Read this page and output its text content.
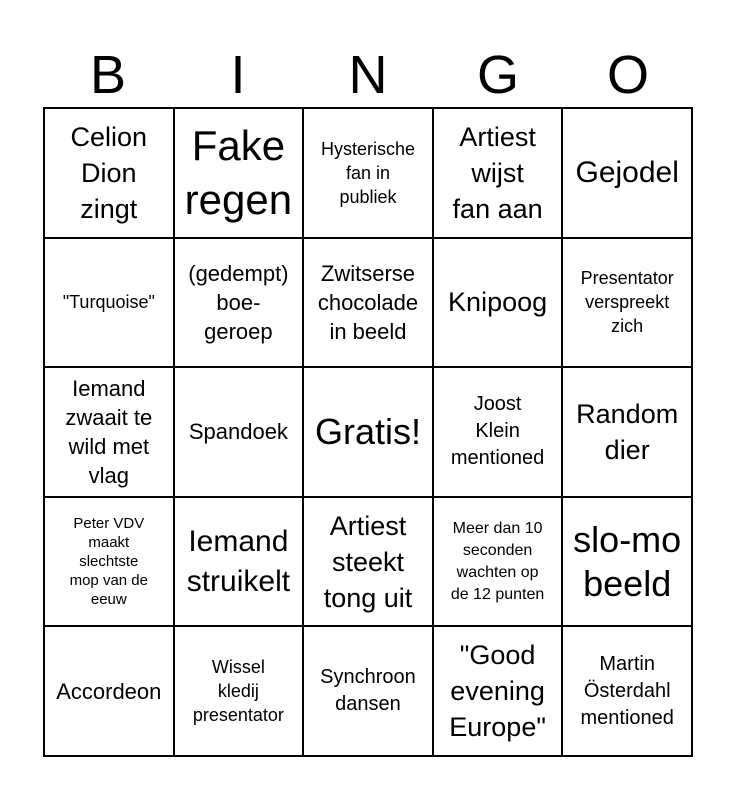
B	I	N	G	O
Celion
Dion
zingt
Fake
regen
Hysterische
fan in
publiek
Artiest
wijst
fan aan
Gejodel
"Turquoise"
(gedempt)
boe-
geroep
Zwitserse
chocolade
in beeld
Knipoog
Presentator
verspreekt
zich
Iemand
zwaait te
wild met
vlag
Spandoek Gratis!
Joost
Klein
mentioned
Random
dier
Peter VDV
maakt
slechtste
mop van de
eeuw
Iemand
struikelt
Artiest
steekt
tong uit
Meer dan 10
seconden
wachten op
de 12 punten
slo-mo
beeld
Accordeon
Wissel
kledij
presentator
Synchroon
dansen
"Good
evening
Europe"
Martin
Österdahl
mentioned
